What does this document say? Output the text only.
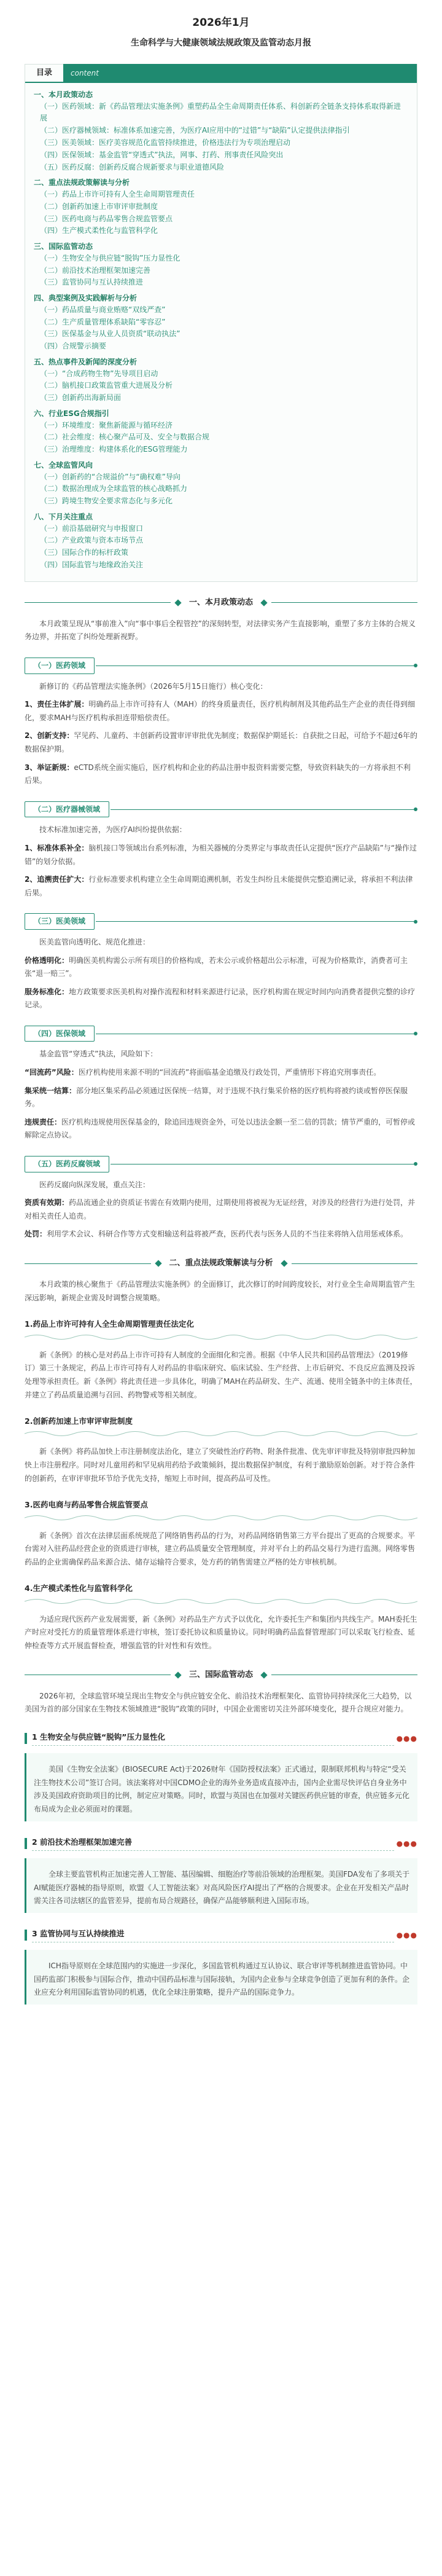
2026年1月
生命科学与大健康领域法规政策及监管动态月报
目录	content
一、本月政策动态
（一）医药领域：新《药品管理法实施条例》重塑药品全生命周期责任体系、科创新药全链条支持体系取得新进展
（二）医疗器械领域：标准体系加速完善，为医疗AI应用中的“过错”与“缺陷”认定提供法律指引
（三）医美领域：医疗美容规范化监管持续推进，价格违法行为专项治理启动
（四）医保领域：基金监管“穿透式”执法，网事、打药、刑事责任风险突出
（五）医药反腐：创新药反腐合规新要求与职业道德风险
二、重点法规政策解读与分析
（一）药品上市许可持有人全生命周期管理责任
（二）创新药加速上市审评审批制度
（三）医药电商与药品零售合规监管要点
（四）生产模式柔性化与监管科学化
三、国际监管动态
（一）生物安全与供应链“脱钩”压力显性化
（二）前沿技术治理框架加速完善
（三）监管协同与互认持续推进
四、典型案例及实践解析与分析
（一）药品质量与商业贿赂“双线严查”
（二）生产质量管理体系缺陷“零容忍”
（三）医保基金与从业人员资质“联动执法”
（四）合规警示摘要
五、热点事件及新闻的深度分析
（一）“合成药物生物”先导项目启动
（二）脑机接口政策监管重大进展及分析
（三）创新药出海新局面
六、行业ESG合规指引
（一）环境维度：聚焦新能源与循环经济
（二）社会维度：核心聚产品可及、安全与数据合规
（三）治理维度：构建体系化的ESG管理能力
七、全球监管风向
（一）创新药的“合规溢价”与“确权难”导向
（二）数据治理成为全球监管的核心战略抓力
（三）跨境生物安全要求常态化与多元化
八、下月关注重点
（一）前沿基础研究与申报窗口
（二）产业政策与资本市场节点
（三）国际合作的标杆政策
（四）国际监管与地缘政治关注
一、本月政策动态

本月政策呈现从“事前准入”向“事中事后全程管控”的深刻转型，对法律实务产生直接影响，重塑了多方主体的合规义务边界，并拓宽了纠纷处理新视野。

（一）医药领域

新修订的《药品管理法实施条例》（2026年5月15日施行）核心变化：

1、责任主体扩展：明确药品上市许可持有人（MAH）的终身质量责任，医疗机构制剂及其他药品生产企业的责任得到细化，要求MAH与医疗机构承担连带赔偿责任。

2、创新支持：罕见药、儿童药、丰创新药设置审评审批优先制度；数据保护期延长：自获批之日起，可给予不超过6年的数据保护期。

3、举证新规：eCTD系统全面实施后，医疗机构和企业的药品注册申报资料需要完整，导致资料缺失的一方将承担不利后果。

（二）医疗器械领域

技术标准加速完善，为医疗AI纠纷提供依据：

1、标准体系补全：脑机接口等领域出台系列标准，为相关器械的分类界定与事故责任认定提供“医疗产品缺陷”与“操作过错”的划分依据。

2、追溯责任扩大：行业标准要求机构建立全生命周期追溯机制，若发生纠纷且未能提供完整追溯记录，将承担不利法律后果。

（三）医美领域

医美监管向透明化、规范化推进：

价格透明化：明确医美机构需公示所有项目的价格构成，若未公示或价格超出公示标准，可视为价格欺诈，消费者可主张“退一赔三”。

服务标准化：地方政策要求医美机构对操作流程和材料来源进行记录，医疗机构需在规定时间内向消费者提供完整的诊疗记录。

（四）医保领域

基金监管“穿透式”执法，风险如下：

“回流药”风险：医疗机构使用来源不明的“回流药”将面临基金追缴及行政处罚，严重情形下将追究刑事责任。

集采统一结算：部分地区集采药品必须通过医保统一结算，对于违规不执行集采价格的医疗机构将被约谈或暂停医保服务。

违规责任：医疗机构违规使用医保基金的，除追回违规资金外，可处以违法金额一至二倍的罚款；情节严重的，可暂停或解除定点协议。

（五）医药反腐领域

医药反腐向纵深发展，重点关注：

资质有效期：药品流通企业的资质证书需在有效期内使用，过期使用将被视为无证经营，对涉及的经营行为进行处罚，并对相关责任人追责。

处罚：利用学术会议、科研合作等方式变相输送利益将被严查，医药代表与医务人员的不当往来将纳入信用惩戒体系。

二、重点法规政策解读与分析

本月政策的核心聚焦于《药品管理法实施条例》的全面修订，此次修订的时间跨度较长，对行业全生命周期监管产生深远影响，新规企业需及时调整合规策略。

1.药品上市许可持有人全生命周期管理责任法定化

新《条例》的核心是对药品上市许可持有人制度的全面细化和完善。根据《中华人民共和国药品管理法》（2019修订）第三十条规定，药品上市许可持有人对药品的非临床研究、临床试验、生产经营、上市后研究、不良反应监测及投诉处理等承担责任。新《条例》将此责任进一步具体化，明确了MAH在药品研发、生产、流通、使用全链条中的主体责任，并建立了药品质量追溯与召回、药物警戒等相关制度。

2.创新药加速上市审评审批制度

新《条例》将药品加快上市注册制度法治化，建立了突破性治疗药物、附条件批准、优先审评审批及特别审批四种加快上市注册程序。同时对儿童用药和罕见病用药给予政策倾斜，提出数据保护制度，有利于激励原始创新。对于符合条件的创新药，在审评审批环节给予优先支持，缩短上市时间，提高药品可及性。

3.医药电商与药品零售合规监管要点

新《条例》首次在法律层面系统规范了网络销售药品的行为，对药品网络销售第三方平台提出了更高的合规要求。平台需对入驻药品经营企业的资质进行审核，建立药品质量安全管理制度，并对平台上的药品交易行为进行监测。网络零售药品的企业需确保药品来源合法、储存运输符合要求，处方药的销售需建立严格的处方审核机制。

4.生产模式柔性化与监管科学化

为适应现代医药产业发展需要，新《条例》对药品生产方式予以优化，允许委托生产和集团内共线生产。MAH委托生产时应对受托方的质量管理体系进行审核，签订委托协议和质量协议。同时明确药品监督管理部门可以采取飞行检查、延伸检查等方式开展监督检查，增强监管的针对性和有效性。

三、国际监管动态

2026年初，全球监管环境呈现出生物安全与供应链安全化、前沿技术治理框架化、监管协同持续深化三大趋势，以美国为首的部分国家在生物技术领域推进“脱钩”政策的同时，中国企业需密切关注外部环境变化，提升合规应对能力。

1 生物安全与供应链“脱钩”压力显性化	●●●

美国《生物安全法案》(BIOSECURE Act)于2026财年《国防授权法案》正式通过，限制联邦机构与特定“受关注生物技术公司”签订合同。该法案将对中国CDMO企业的海外业务造成直接冲击，国内企业需尽快评估自身业务中涉及美国政府资助项目的比例，制定应对策略。同时，欧盟与英国也在加强对关键医药供应链的审查，供应链多元化布局成为企业必须面对的课题。

2 前沿技术治理框架加速完善	●●●

全球主要监管机构正加速完善人工智能、基因编辑、细胞治疗等前沿领域的治理框架。美国FDA发布了多项关于AI赋能医疗器械的指导原则，欧盟《人工智能法案》对高风险医疗AI提出了严格的合规要求。企业在开发相关产品时需关注各司法辖区的监管差异，提前布局合规路径，确保产品能够顺利进入国际市场。

3 监管协同与互认持续推进	●●●

ICH指导原则在全球范围内的实施进一步深化，多国监管机构通过互认协议、联合审评等机制推进监管协同。中国药监部门积极参与国际合作，推动中国药品标准与国际接轨，为国内企业参与全球竞争创造了更加有利的条件。企业应充分利用国际监管协同的机遇，优化全球注册策略，提升产品的国际竞争力。
